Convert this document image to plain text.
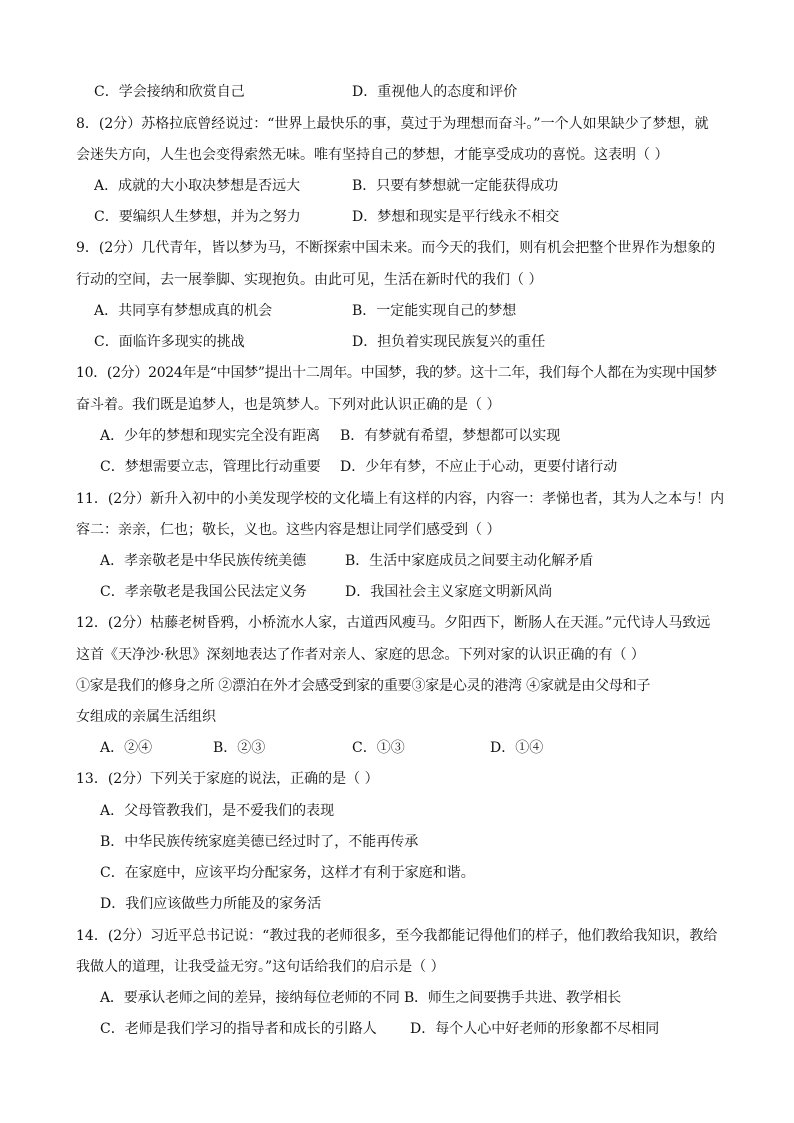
C．学会接纳和欣赏自己	D．重视他人的态度和评价
8．(2分）苏格拉底曾经说过：“世界上最快乐的事，莫过于为理想而奋斗。”一个人如果缺少了梦想，就
会迷失方向，人生也会变得索然无味。唯有坚持自己的梦想，才能享受成功的喜悦。这表明（ ）
A．成就的大小取决梦想是否远大	B．只要有梦想就一定能获得成功
C．要编织人生梦想，并为之努力	D．梦想和现实是平行线永不相交
9．(2分）几代青年，皆以梦为马，不断探索中国未来。而今天的我们，则有机会把整个世界作为想象的
行动的空间，去一展拳脚、实现抱负。由此可见，生活在新时代的我们（ ）
A．共同享有梦想成真的机会	B．一定能实现自己的梦想
C．面临许多现实的挑战	D．担负着实现民族复兴的重任
10．(2分）2024年是“中国梦”提出十二周年。中国梦，我的梦。这十二年，我们每个人都在为实现中国梦
奋斗着。我们既是追梦人，也是筑梦人。下列对此认识正确的是（ ）
A．少年的梦想和现实完全没有距离 B．有梦就有希望，梦想都可以实现
C．梦想需要立志，管理比行动重要 D．少年有梦，不应止于心动，更要付诸行动
11．(2分）新升入初中的小美发现学校的文化墙上有这样的内容，内容一：孝悌也者，其为人之本与！内
容二：亲亲，仁也；敬长，义也。这些内容是想让同学们感受到（ ）
A．孝亲敬老是中华民族传统美德	B．生活中家庭成员之间要主动化解矛盾
C．孝亲敬老是我国公民法定义务	D．我国社会主义家庭文明新风尚
12．(2分）枯藤老树昏鸦，小桥流水人家，古道西风瘦马。夕阳西下，断肠人在天涯。”元代诗人马致远
这首《天净沙·秋思》深刻地表达了作者对亲人、家庭的思念。下列对家的认识正确的有（ ）
①家是我们的修身之所 ②漂泊在外才会感受到家的重要③家是心灵的港湾 ④家就是由父母和子
女组成的亲属生活组织
A．②④	B．②③	C．①③	D．①④
13．(2分）下列关于家庭的说法，正确的是（ ）
A．父母管教我们，是不爱我们的表现
B．中华民族传统家庭美德已经过时了，不能再传承
C．在家庭中，应该平均分配家务，这样才有利于家庭和谐。
D．我们应该做些力所能及的家务活
14．(2分）习近平总书记说：“教过我的老师很多，至今我都能记得他们的样子，他们教给我知识，教给
我做人的道理，让我受益无穷。”这句话给我们的启示是（ ）
A．要承认老师之间的差异，接纳每位老师的不同 B．师生之间要携手共进、教学相长
C．老师是我们学习的指导者和成长的引路人 D．每个人心中好老师的形象都不尽相同
